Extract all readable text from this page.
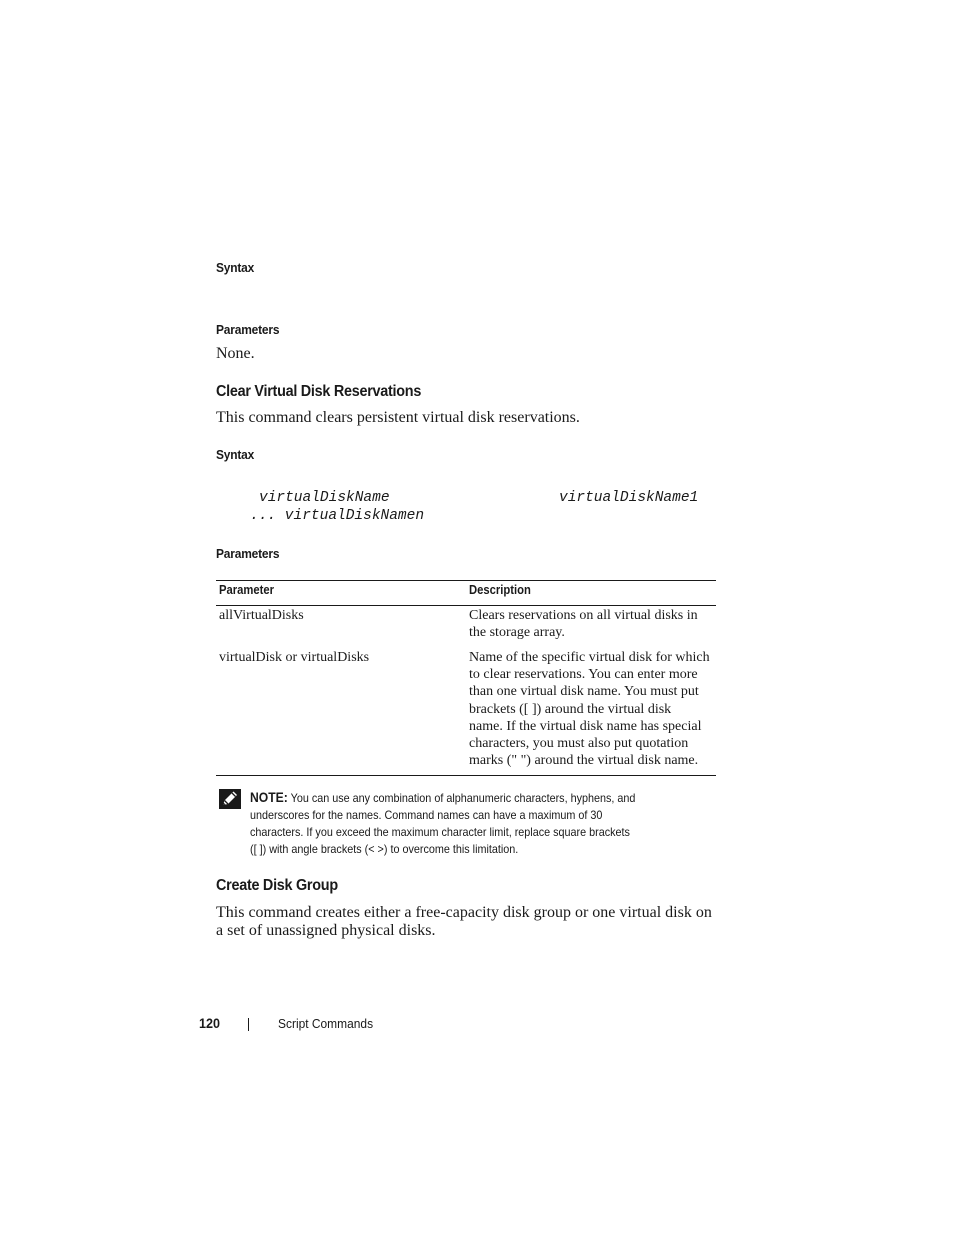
Syntax
Parameters
None.
Clear Virtual Disk Reservations
This command clears persistent virtual disk reservations.
Syntax
virtualDiskName	virtualDiskName1
... virtualDiskNamen
Parameters
Parameter	Description
allVirtualDisks	Clears reservations on all virtual disks in
the storage array.
virtualDisk or virtualDisks	Name of the specific virtual disk for which
to clear reservations. You can enter more
than one virtual disk name. You must put
brackets ([ ]) around the virtual disk
name. If the virtual disk name has special
characters, you must also put quotation
marks (" ") around the virtual disk name.
NOTE: You can use any combination of alphanumeric characters, hyphens, and
underscores for the names. Command names can have a maximum of 30
characters. If you exceed the maximum character limit, replace square brackets
([ ]) with angle brackets (< >) to overcome this limitation.
Create Disk Group
This command creates either a free-capacity disk group or one virtual disk on
a set of unassigned physical disks.
120	Script Commands
